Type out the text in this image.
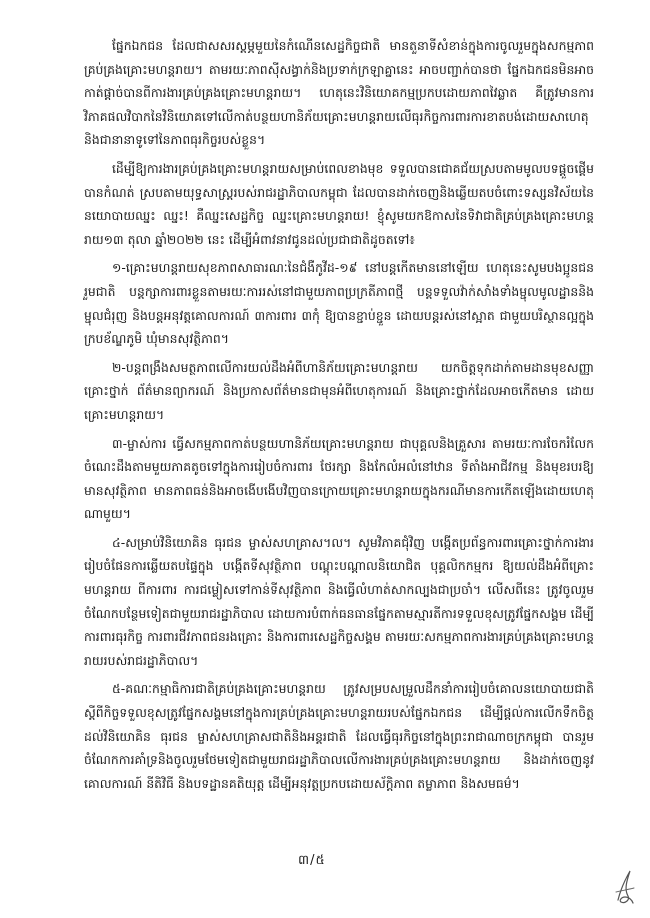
ផ្នែកឯកជន ដែលជាសសរស្តម្ភមួយនៃកំណើនសេដ្ឋកិច្ចជាតិ មានតួនាទីសំខាន់ក្នុងការចូលរួមក្នុងសកម្មភាពគ្រប់គ្រងគ្រោះមហន្តរាយ។ តាមរយៈភាពស៊ីសង្វាក់និងប្រទាក់ក្រឡាគ្នានេះ អាចបញ្ជាក់បានថា ផ្នែកឯកជនមិនអាចកាត់ផ្តាច់បានពីការងារគ្រប់គ្រងគ្រោះមហន្តរាយ។ ហេតុនេះវិនិយោគកម្មប្រកបដោយភាពវៃឆ្លាត គឺត្រូវមានការវិភាគផលវិបាកនៃវិនិយោគទៅលើកាត់បន្ថយហានិភ័យគ្រោះមហន្តរាយលើធុរកិច្ចការពារការខាតបង់ដោយសាហេតុនិងជានានាទូទៅនៃភាពធុរកិច្ចរបស់ខ្លួន។

ដើម្បីឱ្យការងារគ្រប់គ្រងគ្រោះមហន្តរាយសម្រាប់ពេលខាងមុខ ទទួលបានជោគជ័យស្របតាមមូលបទផ្តួចផ្តើមបានកំណត់ ស្របតាមយុទ្ធសាស្ត្ររបស់រាជរដ្ឋាភិបាលកម្ពុជា ដែលបានដាក់ចេញនិងឆ្លើយតបចំពោះទស្សនវិស័យនៃនយោបាយឈ្នះ ឈ្នះ! គឺឈ្នះសេដ្ឋកិច្ច ឈ្នះគ្រោះមហន្តរាយ! ខ្ញុំសូមយកឱកាសនៃទិវាជាតិគ្រប់គ្រងគ្រោះមហន្តរាយ១៣ តុលា ឆ្នាំ២០២២ នេះ ដើម្បីអំពាវនាវជូនដល់ប្រជាជាតិដូចតទៅ៖

១-គ្រោះមហន្តរាយសុខភាពសាធារណៈនៃជំងឺកូវីដ-១៩ នៅបន្តកើតមាននៅឡើយ ហេតុនេះសូមបងប្អូនជនរួមជាតិ បន្តក្សាការពារខ្លួនតាមរយៈការរស់នៅជាមួយភាពប្រក្រតីភាពថ្មី បន្តទទួលវ៉ាក់សាំងទាំងម្ជុលមូលដ្ឋាននិងម្ជុលជំរុញ និងបន្តអនុវត្តគោលការណ៍ ៣ការពារ ៣កុំ ឱ្យបានខ្ជាប់ខ្ជួន ដោយបន្តរស់នៅស្អាត ជាមួយបរិស្ថានល្អក្នុងក្របខ័ណ្ឌភូមិ ឃុំមានសុវត្ថិភាព។

២-បន្តពង្រឹងសមត្ថភាពលើការយល់ដឹងអំពីហានិភ័យគ្រោះមហន្តរាយ យកចិត្តទុកដាក់តាមដានមុខសញ្ញាគ្រោះថ្នាក់ ព័ត៌មានព្យាករណ៍ និងប្រកាសព័ត៌មានជាមុនអំពីហេតុការណ៍ និងគ្រោះថ្នាក់ដែលអាចកើតមាន ដោយគ្រោះមហន្តរាយ។

៣-ម្ចាស់ការ ធ្វើសកម្មភាពកាត់បន្ថយហានិភ័យគ្រោះមហន្តរាយ ជាបុគ្គលនិងគ្រួសារ តាមរយៈការចែករំលែកចំណេះដឹងតាមមួយភាគតូចទៅក្នុងការរៀបចំការពារ ថែរក្សា និងកែលំអលំនៅឋាន ទីតាំងអាជីវកម្ម និងមុខរបរឱ្យមានសុវត្ថិភាព មានភាពធន់និងអាចងើបងើបវិញបានក្រោយគ្រោះមហន្តរាយក្នុងករណីមានការកើតឡើងដោយហេតុណាមួយ។

៤-សម្រាប់វិនិយោគិន ធុរជន ម្ចាស់សហគ្រាស។ល។ សូមវិភាគជុំវិញ បង្កើតប្រព័ន្ធការពារគ្រោះថ្នាក់ការងារ រៀបចំផែនការឆ្លើយតបផ្ទៃក្នុង បង្កើតទីសុវត្ថិភាព បណ្តុះបណ្តាលនិយោជិត បុគ្គលិកកម្មករ ឱ្យយល់ដឹងអំពីគ្រោះមហន្តរាយ ពីការពារ ការជម្លៀសទៅកាន់ទីសុវត្ថិភាព និងធ្វើលំហាត់សាកល្បងជាប្រចាំ។ លើសពីនេះ ត្រូវចូលរួមចំណែកបន្ថែមទៀតជាមួយរាជរដ្ឋាភិបាល ដោយការបំពាក់ធនធានផ្នែកតាមស្មារតីការទទួលខុសត្រូវផ្នែកសង្គម ដើម្បីការពារធុរកិច្ច ការពារជីវភាពជនរងគ្រោះ និងការពារសេដ្ឋកិច្ចសង្គម តាមរយៈសកម្មភាពការងារគ្រប់គ្រងគ្រោះមហន្តរាយរបស់រាជរដ្ឋាភិបាល។

៥-គណៈកម្មាធិការជាតិគ្រប់គ្រងគ្រោះមហន្តរាយ ត្រូវសម្របសម្រួលដឹកនាំការរៀបចំគោលនយោបាយជាតិ ស្តីពីកិច្ចទទួលខុសត្រូវផ្នែកសង្គមនៅក្នុងការគ្រប់គ្រងគ្រោះមហន្តរាយរបស់ផ្នែកឯកជន ដើម្បីផ្តល់ការលើកទឹកចិត្តដល់វិនិយោគិន ធុរជន ម្ចាស់សហគ្រាសជាតិនិងអន្តរជាតិ ដែលធ្វើធុរកិច្ចនៅក្នុងព្រះរាជាណាចក្រកម្ពុជា បានរួមចំណែកការគាំទ្រនិងចូលរួមថែមទៀតជាមួយរាជរដ្ឋាភិបាលលើការងារគ្រប់គ្រងគ្រោះមហន្តរាយ និងដាក់ចេញនូវគោលការណ៍ នីតិវិធី និងបទដ្ឋានគតិយុត្ត ដើម្បីអនុវត្តប្រកបដោយស័ក្តិភាព តម្លាភាព និងសមធម៌។

៣/៥
